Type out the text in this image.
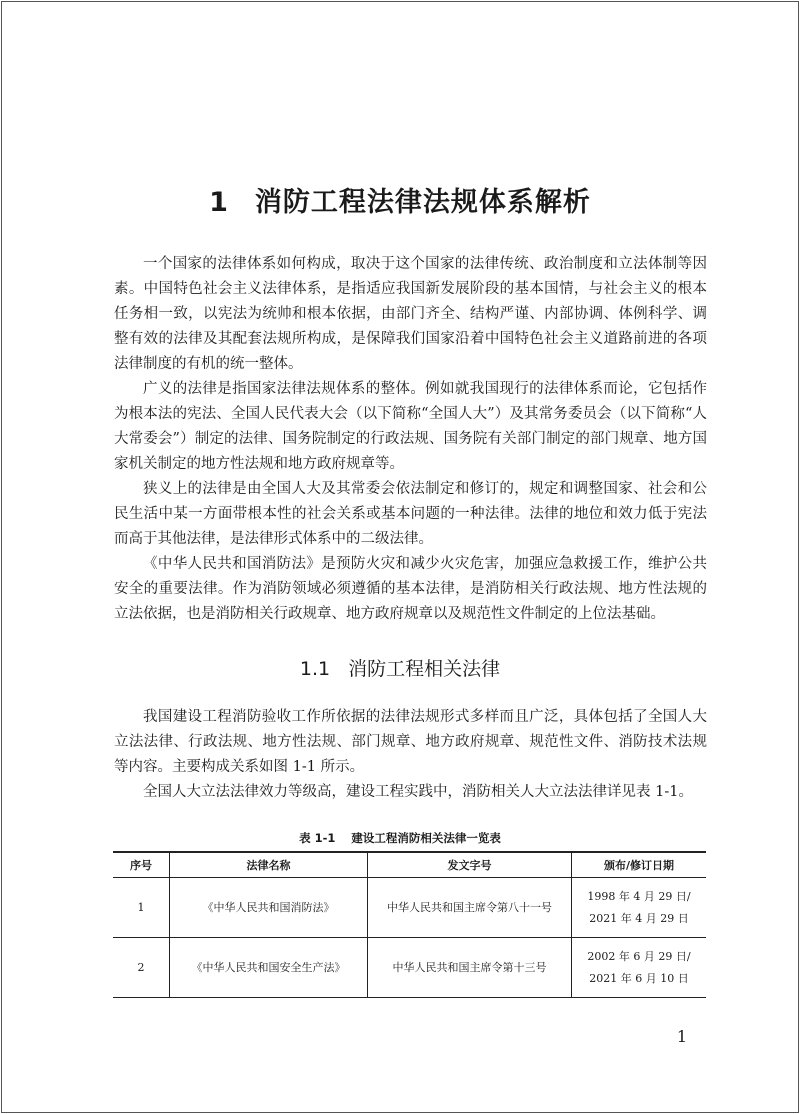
1 消防工程法律法规体系解析

一个国家的法律体系如何构成，取决于这个国家的法律传统、政治制度和立法体制等因素。中国特色社会主义法律体系，是指适应我国新发展阶段的基本国情，与社会主义的根本任务相一致，以宪法为统帅和根本依据，由部门齐全、结构严谨、内部协调、体例科学、调整有效的法律及其配套法规所构成，是保障我们国家沿着中国特色社会主义道路前进的各项法律制度的有机的统一整体。

广义的法律是指国家法律法规体系的整体。例如就我国现行的法律体系而论，它包括作为根本法的宪法、全国人民代表大会（以下简称“全国人大”）及其常务委员会（以下简称“人大常委会”）制定的法律、国务院制定的行政法规、国务院有关部门制定的部门规章、地方国家机关制定的地方性法规和地方政府规章等。

狭义上的法律是由全国人大及其常委会依法制定和修订的，规定和调整国家、社会和公民生活中某一方面带根本性的社会关系或基本问题的一种法律。法律的地位和效力低于宪法而高于其他法律，是法律形式体系中的二级法律。

《中华人民共和国消防法》是预防火灾和减少火灾危害，加强应急救援工作，维护公共安全的重要法律。作为消防领域必须遵循的基本法律，是消防相关行政法规、地方性法规的立法依据，也是消防相关行政规章、地方政府规章以及规范性文件制定的上位法基础。

1.1 消防工程相关法律

我国建设工程消防验收工作所依据的法律法规形式多样而且广泛，具体包括了全国人大立法法律、行政法规、地方性法规、部门规章、地方政府规章、规范性文件、消防技术法规等内容。主要构成关系如图 1-1 所示。

全国人大立法法律效力等级高，建设工程实践中，消防相关人大立法法律详见表 1-1。

表 1-1 建设工程消防相关法律一览表
序号	法律名称	发文字号	颁布/修订日期
1	《中华人民共和国消防法》	中华人民共和国主席令第八十一号	1998 年 4 月 29 日/
2021 年 4 月 29 日
2	《中华人民共和国安全生产法》	中华人民共和国主席令第十三号	2002 年 6 月 29 日/
2021 年 6 月 10 日
1
